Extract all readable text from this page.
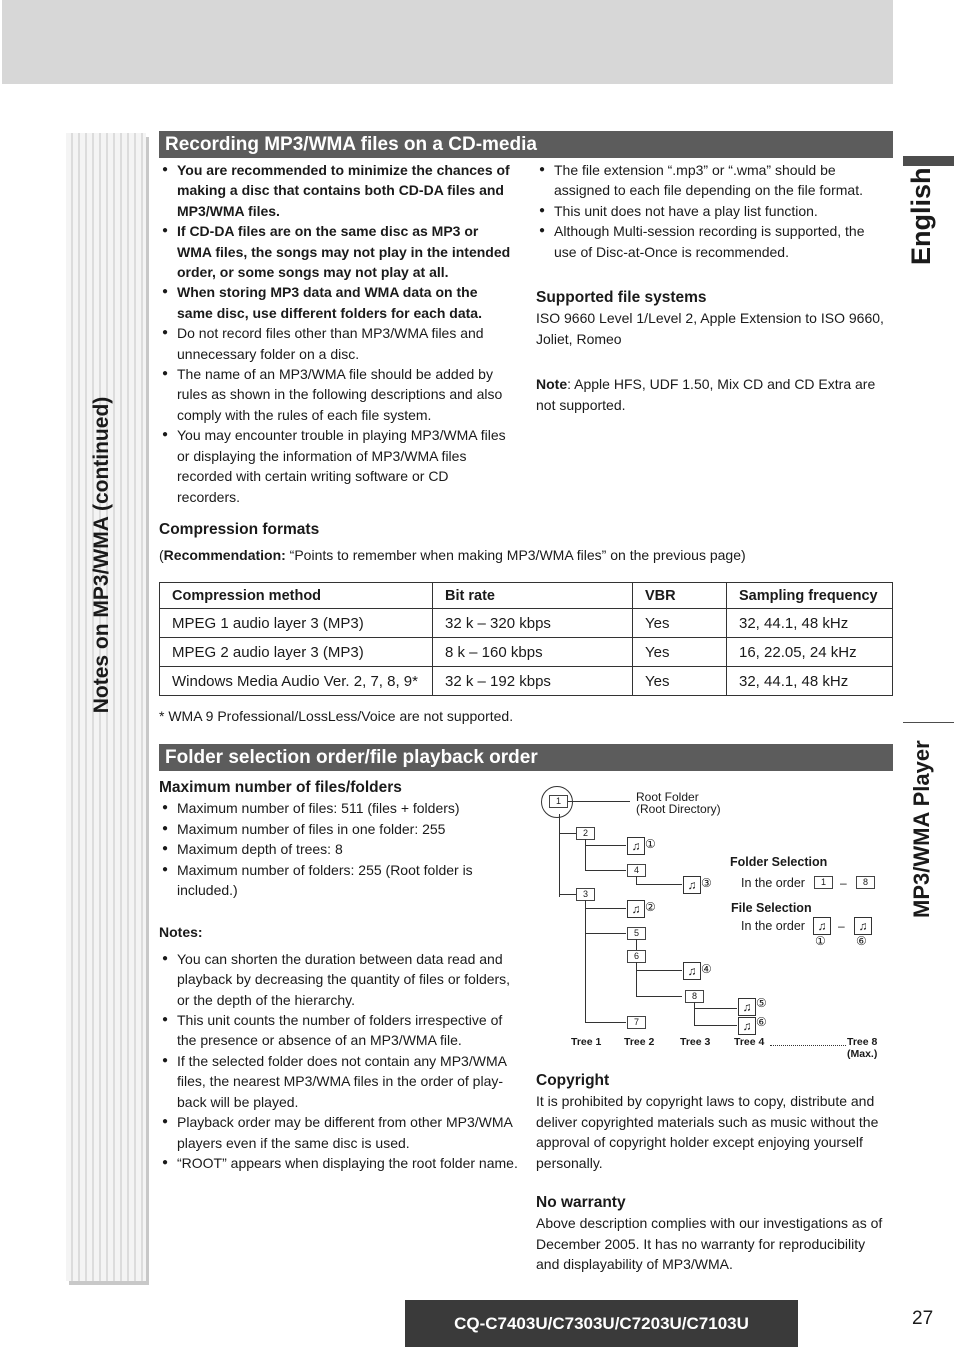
Notes on MP3/WMA (continued)
English
MP3/WMA Player
Recording MP3/WMA files on a CD-media
● You are recommended to minimize the chances of making a disc that contains both CD-DA files and MP3/WMA files.
● If CD-DA files are on the same disc as MP3 or WMA files, the songs may not play in the intended order, or some songs may not play at all.
● When storing MP3 data and WMA data on the same disc, use different folders for each data.
● Do not record files other than MP3/WMA files and unnecessary folder on a disc.
● The name of an MP3/WMA file should be added by rules as shown in the following descriptions and also comply with the rules of each file system.
● You may encounter trouble in playing MP3/WMA files or displaying the information of MP3/WMA files recorded with certain writing software or CD recorders.
● The file extension “.mp3” or “.wma” should be assigned to each file depending on the file format.
● This unit does not have a play list function.
● Although Multi-session recording is supported, the use of Disc-at-Once is recommended.
Supported file systems

ISO 9660 Level 1/Level 2, Apple Extension to ISO 9660, Joliet, Romeo

Note: Apple HFS, UDF 1.50, Mix CD and CD Extra are not supported.

Compression formats
(Recommendation: “Points to remember when making MP3/WMA files” on the previous page)
Compression method	Bit rate	VBR	Sampling frequency
MPEG 1 audio layer 3 (MP3)	32 k – 320 kbps	Yes	32, 44.1, 48 kHz
MPEG 2 audio layer 3 (MP3)	8 k – 160 kbps	Yes	16, 22.05, 24 kHz
Windows Media Audio Ver. 2, 7, 8, 9*	32 k – 192 kbps	Yes	32, 44.1, 48 kHz
* WMA 9 Professional/LossLess/Voice are not supported.
Folder selection order/file playback order
Maximum number of files/folders
● Maximum number of files: 511 (files + folders)
● Maximum number of files in one folder: 255
● Maximum depth of trees: 8
● Maximum number of folders: 255 (Root folder is included.)

Notes:

● You can shorten the duration between data read and playback by decreasing the quantity of files or folders, or the depth of the hierarchy.
● This unit counts the number of folders irrespective of the presence or absence of an MP3/WMA file.
● If the selected folder does not contain any MP3/WMA files, the nearest MP3/WMA files in the order of play-back will be played.
● Playback order may be different from other MP3/WMA players even if the same disc is used.
● “ROOT” appears when displaying the root folder name.
Root Folder
(Root Directory)
1
2
3
♫ ①
4
♫ ③
♫ ②
5
6
♫ ④
8
♫ ⑤
♫ ⑥
7
Folder Selection
In the order	1	–	8
File Selection
In the order	♫
①
–	♫
⑥
Tree 1 Tree 2 Tree 3 Tree 4	Tree 8
(Max.)
Copyright

It is prohibited by copyright laws to copy, distribute and deliver copyrighted materials such as music without the approval of copyright holder except enjoying yourself personally.

No warranty

Above description complies with our investigations as of December 2005. It has no warranty for reproducibility and displayability of MP3/WMA.

CQ-C7403U/C7303U/C7203U/C7103U	27
